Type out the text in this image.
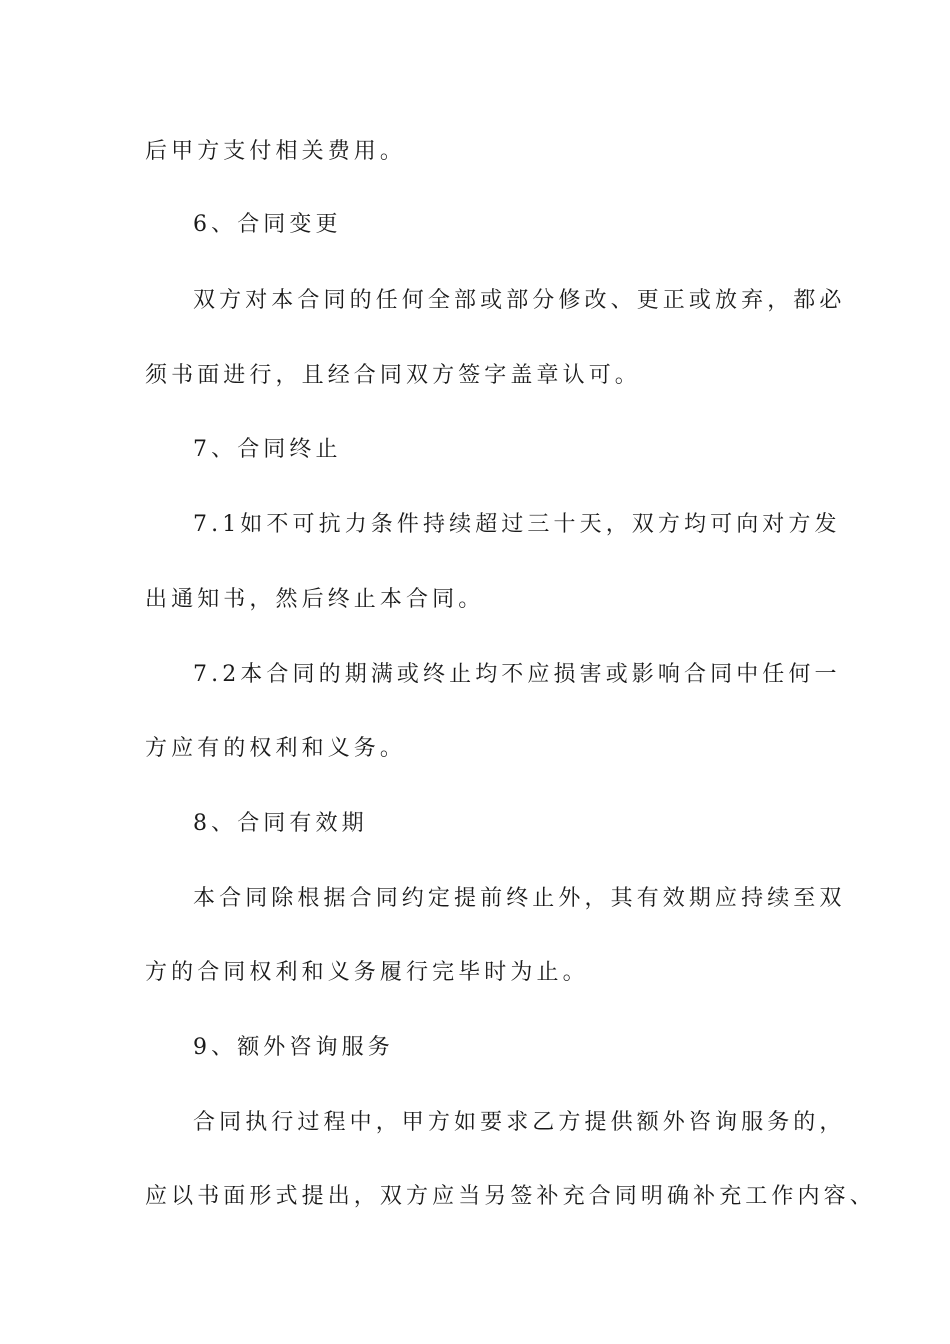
后甲方支付相关费用。
6、合同变更
双方对本合同的任何全部或部分修改、更正或放弃，都必
须书面进行，且经合同双方签字盖章认可。
7、合同终止
7.1如不可抗力条件持续超过三十天，双方均可向对方发
出通知书，然后终止本合同。
7.2本合同的期满或终止均不应损害或影响合同中任何一
方应有的权利和义务。
8、合同有效期
本合同除根据合同约定提前终止外，其有效期应持续至双
方的合同权利和义务履行完毕时为止。
9、额外咨询服务
合同执行过程中，甲方如要求乙方提供额外咨询服务的，
应以书面形式提出，双方应当另签补充合同明确补充工作内容、
